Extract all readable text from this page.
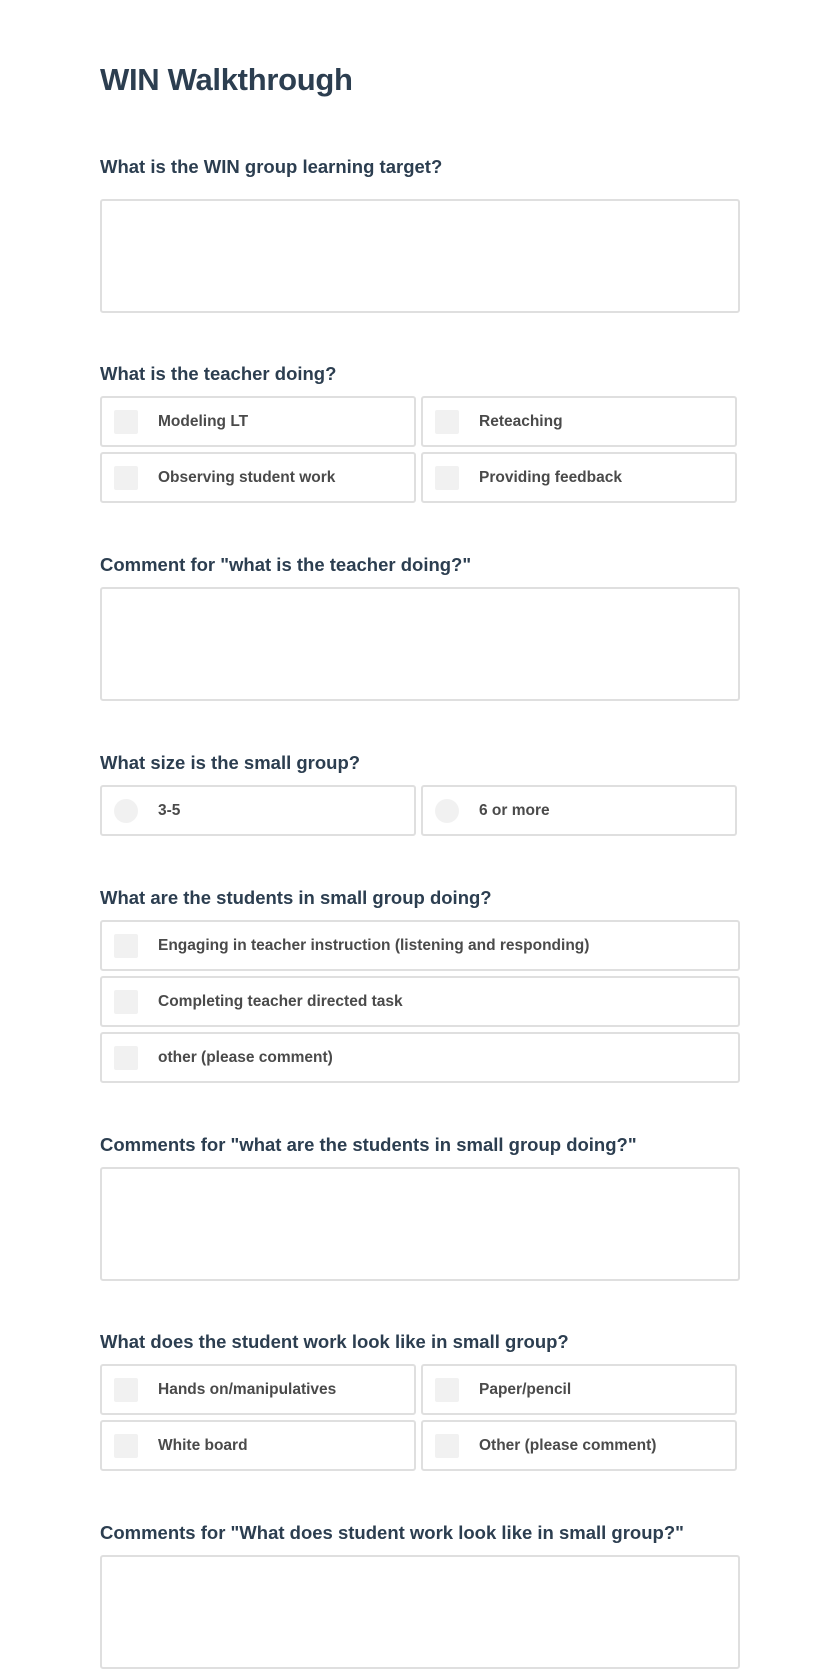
WIN Walkthrough
What is the WIN group learning target?
What is the teacher doing?
Modeling LT	Reteaching
Observing student work	Providing feedback
Comment for "what is the teacher doing?"
What size is the small group?
3-5	6 or more
What are the students in small group doing?
Engaging in teacher instruction (listening and responding)
Completing teacher directed task
other (please comment)
Comments for "what are the students in small group doing?"
What does the student work look like in small group?
Hands on/manipulatives	Paper/pencil
White board	Other (please comment)
Comments for "What does student work look like in small group?"
